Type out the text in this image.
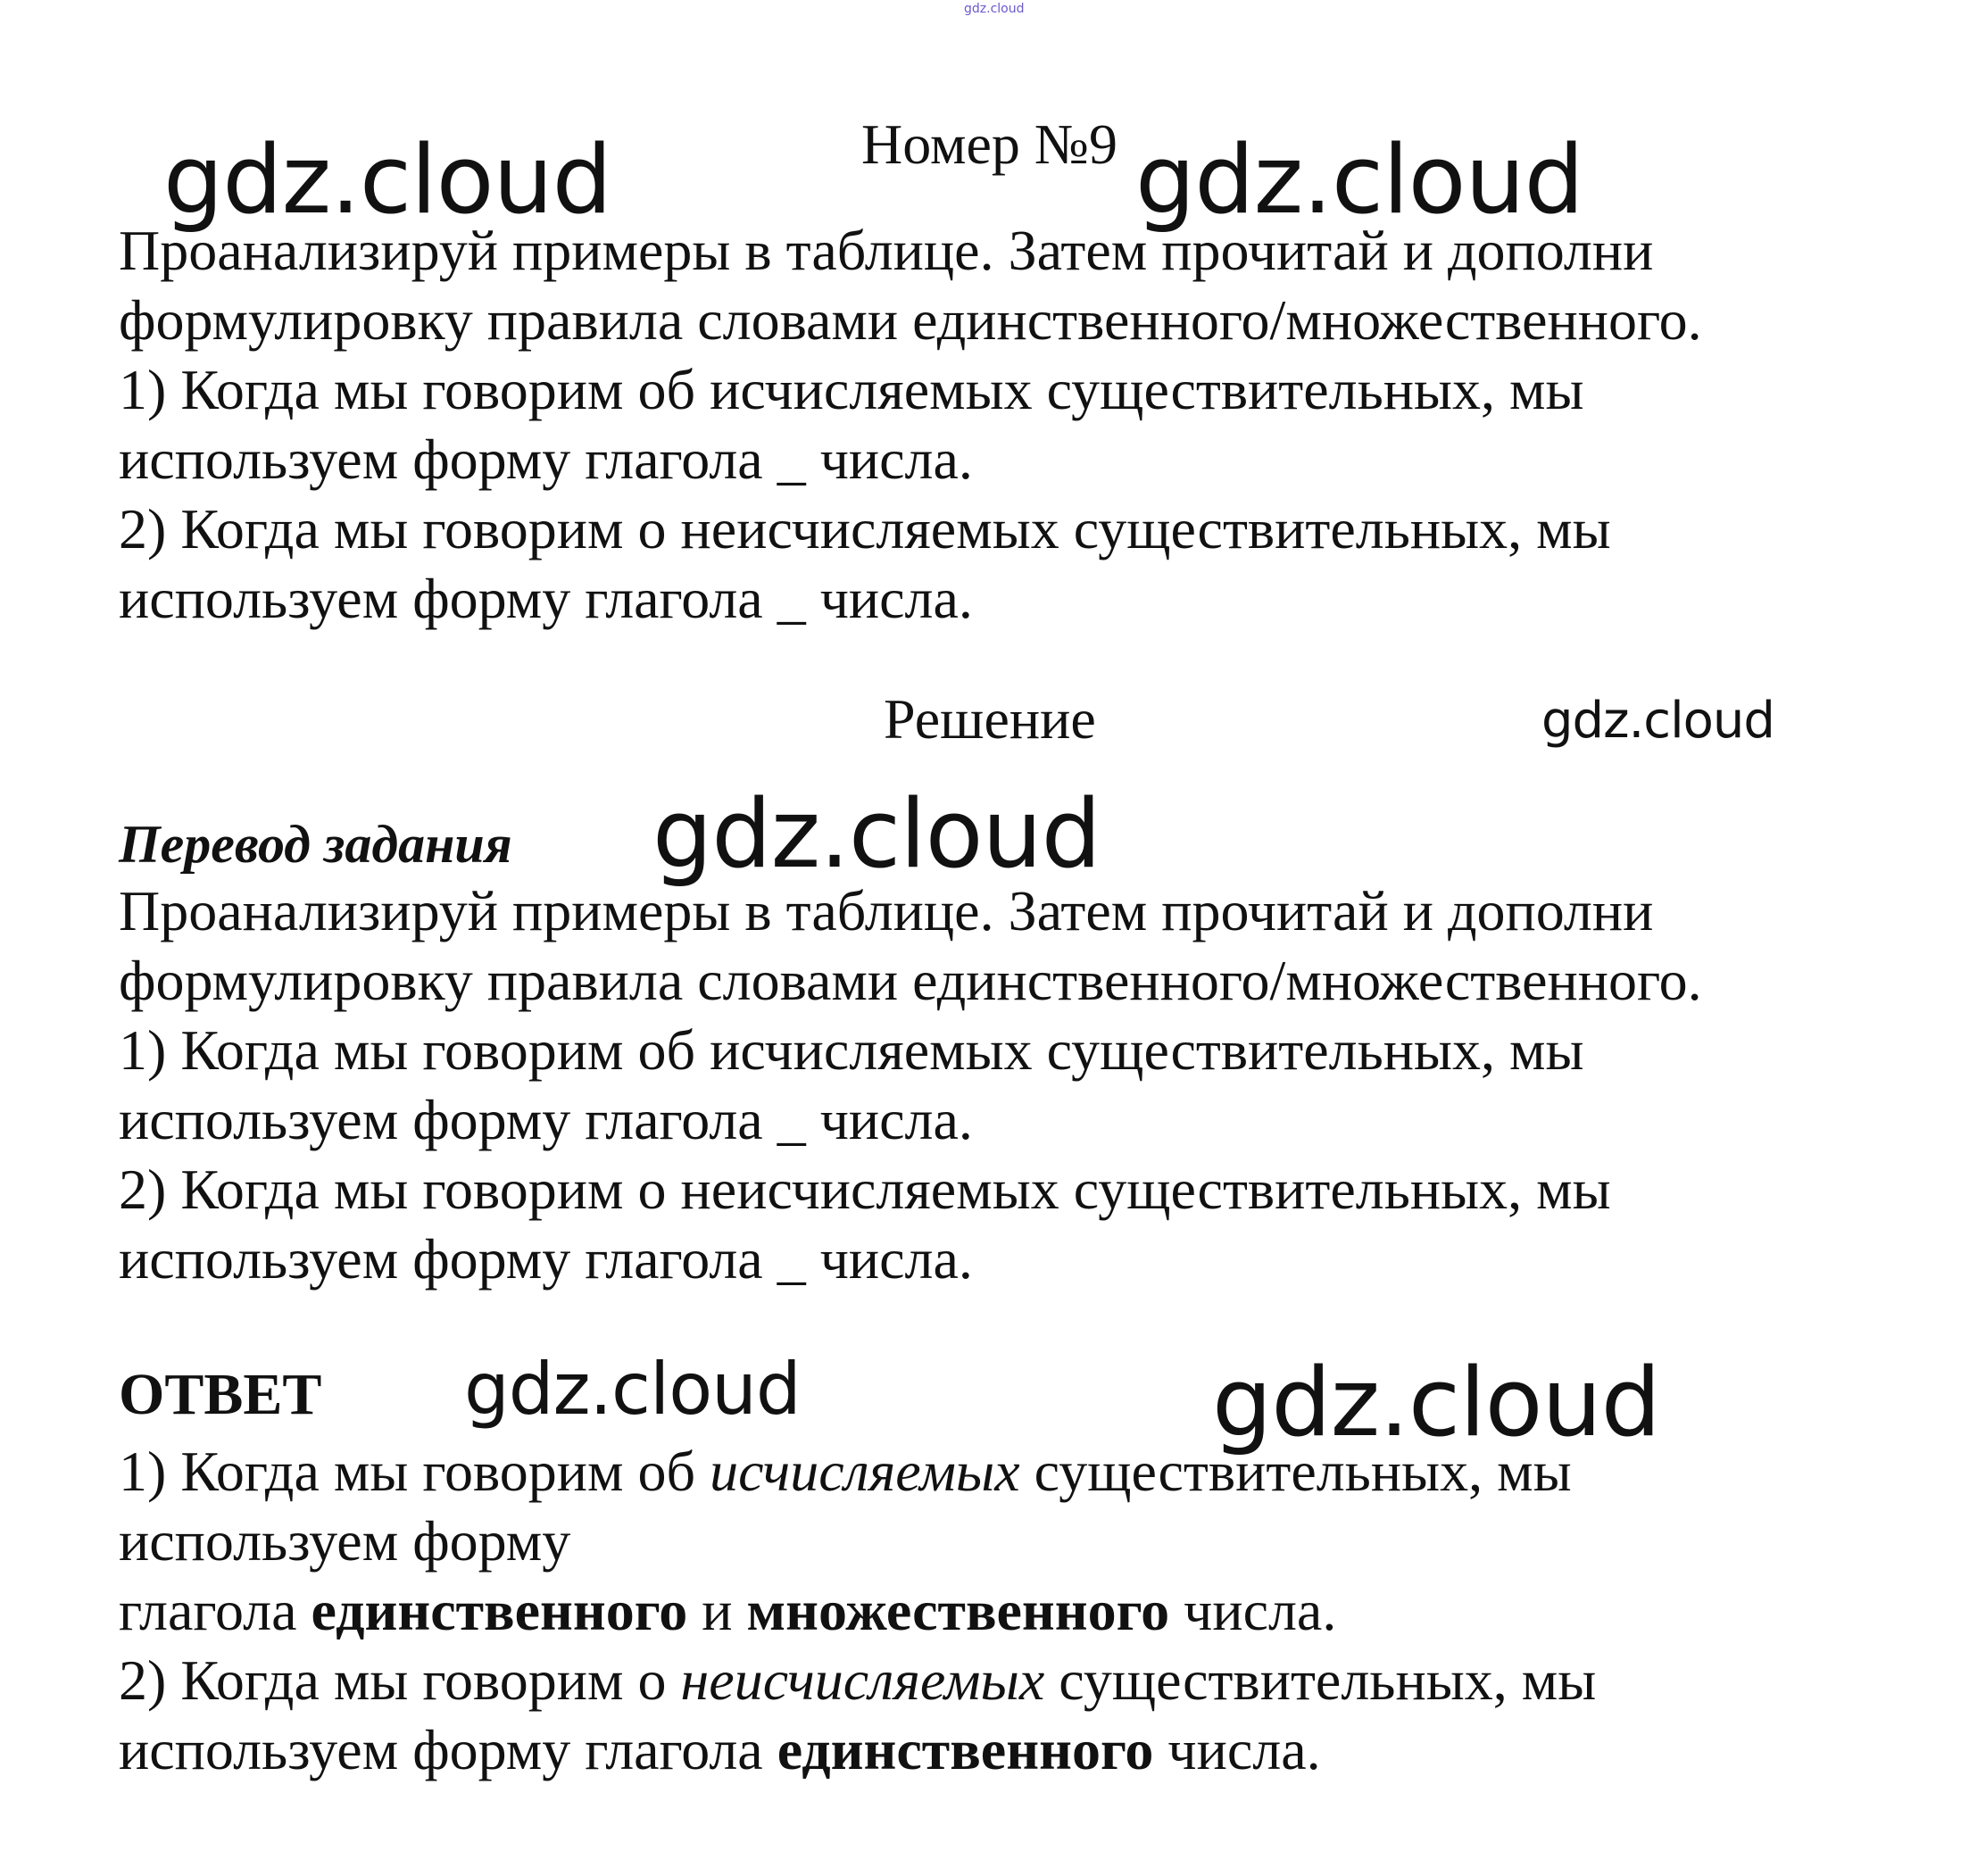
gdz.cloud
Номер №9
gdz.cloud	gdz.cloud
Проанализируй примеры в таблице. Затем прочитай и дополни
формулировку правила словами единственного/множественного.
1) Когда мы говорим об исчисляемых существительных, мы
используем форму глагола _ числа.
2) Когда мы говорим о неисчисляемых существительных, мы
используем форму глагола _ числа.
Решение	gdz.cloud
Перевод задания gdz.cloud
Проанализируй примеры в таблице. Затем прочитай и дополни
формулировку правила словами единственного/множественного.
1) Когда мы говорим об исчисляемых существительных, мы
используем форму глагола _ числа.
2) Когда мы говорим о неисчисляемых существительных, мы
используем форму глагола _ числа.
ОТВЕТ gdz.cloud	gdz.cloud
1) Когда мы говорим об исчисляемых существительных, мы
используем форму
глагола единственного и множественного числа.
2) Когда мы говорим о неисчисляемых существительных, мы
используем форму глагола единственного числа.
